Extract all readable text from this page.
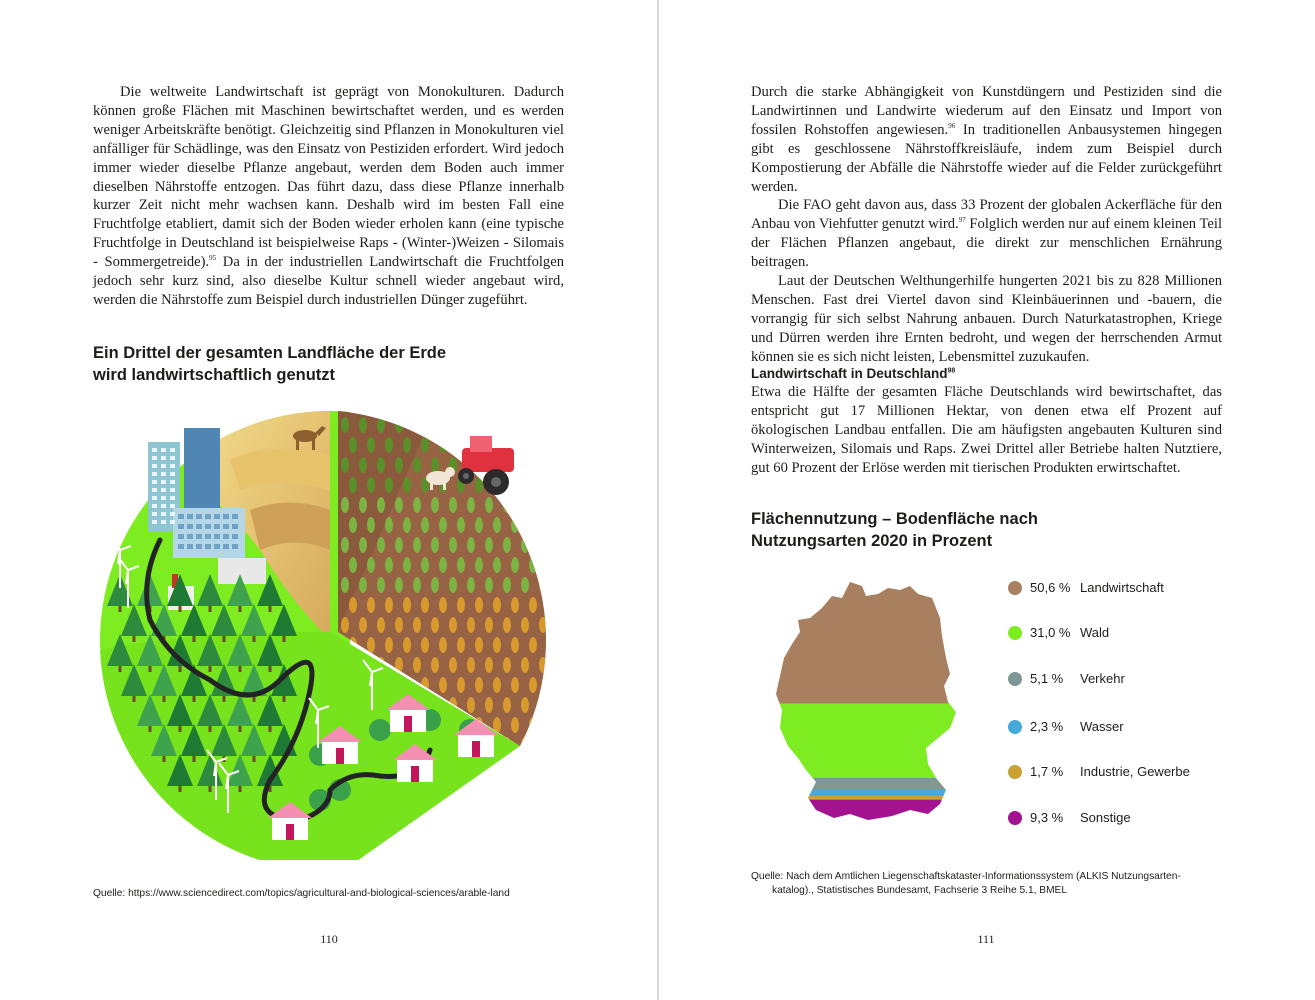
Die weltweite Landwirtschaft ist geprägt von Monokulturen. Dadurch können große Flächen mit Maschinen bewirtschaftet werden, und es werden weniger Arbeitskräfte benötigt. Gleichzeitig sind Pflanzen in Monokulturen viel anfälliger für Schädlinge, was den Einsatz von Pestiziden erfordert. Wird jedoch immer wieder dieselbe Pflanze angebaut, werden dem Boden auch immer dieselben Nährstoffe entzogen. Das führt dazu, dass diese Pflanze innerhalb kurzer Zeit nicht mehr wachsen kann. Deshalb wird im besten Fall eine Fruchtfolge etabliert, damit sich der Boden wieder erholen kann (eine typische Fruchtfolge in Deutschland ist beispielweise Raps - (Winter-)Weizen - Silomais - Sommergetreide).$^{95}$ Da in der industriellen Landwirtschaft die Fruchtfolgen jedoch sehr kurz sind, also dieselbe Kultur schnell wieder angebaut wird, werden die Nährstoffe zum Beispiel durch industriellen Dünger zugeführt.

Ein Drittel der gesamten Landfläche der Erde
wird landwirtschaftlich genutzt

Quelle: https://www.sciencedirect.com/topics/agricultural-and-biological-sciences/arable-land

110

Durch die starke Abhängigkeit von Kunstdüngern und Pestiziden sind die Landwirtinnen und Landwirte wiederum auf den Einsatz und Import von fossilen Rohstoffen angewiesen.$^{96}$ In traditionellen Anbausystemen hingegen gibt es geschlossene Nährstoffkreisläufe, indem zum Beispiel durch Kompostierung der Abfälle die Nährstoffe wieder auf die Felder zurückgeführt werden.

Die FAO geht davon aus, dass 33 Prozent der globalen Ackerfläche für den Anbau von Viehfutter genutzt wird.$^{97}$ Folglich werden nur auf einem kleinen Teil der Flächen Pflanzen angebaut, die direkt zur menschlichen Ernährung beitragen.

Laut der Deutschen Welthungerhilfe hungerten 2021 bis zu 828 Millionen Menschen. Fast drei Viertel davon sind Kleinbäuerinnen und -bauern, die vorrangig für sich selbst Nahrung anbauen. Durch Naturkatastrophen, Kriege und Dürren werden ihre Ernten bedroht, und wegen der herrschenden Armut können sie es sich nicht leisten, Lebensmittel zuzukaufen.

Landwirtschaft in Deutschland$^{98}$

Etwa die Hälfte der gesamten Fläche Deutschlands wird bewirtschaftet, das entspricht gut 17 Millionen Hektar, von denen etwa elf Prozent auf ökologischen Landbau entfallen. Die am häufigsten angebauten Kulturen sind Winterweizen, Silomais und Raps. Zwei Drittel aller Betriebe halten Nutztiere, gut 60 Prozent der Erlöse werden mit tierischen Produkten erwirtschaftet.

Flächennutzung – Bodenfläche nach
Nutzungsarten 2020 in Prozent
50,6 % Landwirtschaft
31,0 % Wald
5,1 % Verkehr
2,3 % Wasser
1,7 % Industrie, Gewerbe
9,3 % Sonstige

Quelle: Nach dem Amtlichen Liegenschaftskataster-Informationssystem (ALKIS Nutzungsarten-
katalog)., Statistisches Bundesamt, Fachserie 3 Reihe 5.1, BMEL

111
